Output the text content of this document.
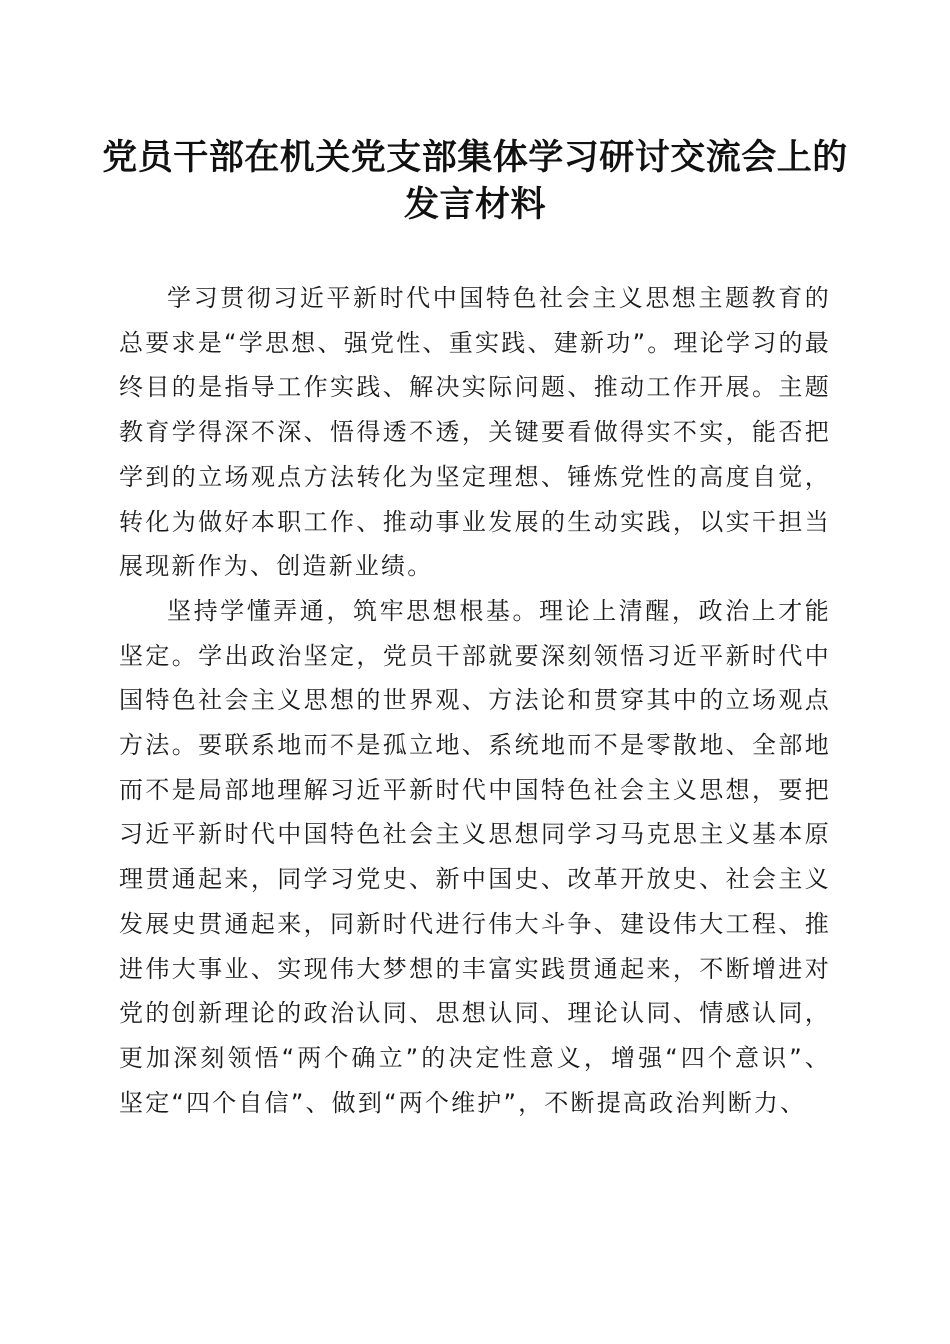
党员干部在机关党支部集体学习研讨交流会上的发言材料

学习贯彻习近平新时代中国特色社会主义思想主题教育的总要求是“学思想、强党性、重实践、建新功”。理论学习的最终目的是指导工作实践、解决实际问题、推动工作开展。主题教育学得深不深、悟得透不透，关键要看做得实不实，能否把学到的立场观点方法转化为坚定理想、锤炼党性的高度自觉，转化为做好本职工作、推动事业发展的生动实践，以实干担当展现新作为、创造新业绩。

坚持学懂弄通，筑牢思想根基。理论上清醒，政治上才能坚定。学出政治坚定，党员干部就要深刻领悟习近平新时代中国特色社会主义思想的世界观、方法论和贯穿其中的立场观点方法。要联系地而不是孤立地、系统地而不是零散地、全部地而不是局部地理解习近平新时代中国特色社会主义思想，要把习近平新时代中国特色社会主义思想同学习马克思主义基本原理贯通起来，同学习党史、新中国史、改革开放史、社会主义发展史贯通起来，同新时代进行伟大斗争、建设伟大工程、推进伟大事业、实现伟大梦想的丰富实践贯通起来，不断增进对党的创新理论的政治认同、思想认同、理论认同、情感认同，更加深刻领悟“两个确立”的决定性意义，增强“四个意识”、坚定“四个自信”、做到“两个维护”，不断提高政治判断力、
